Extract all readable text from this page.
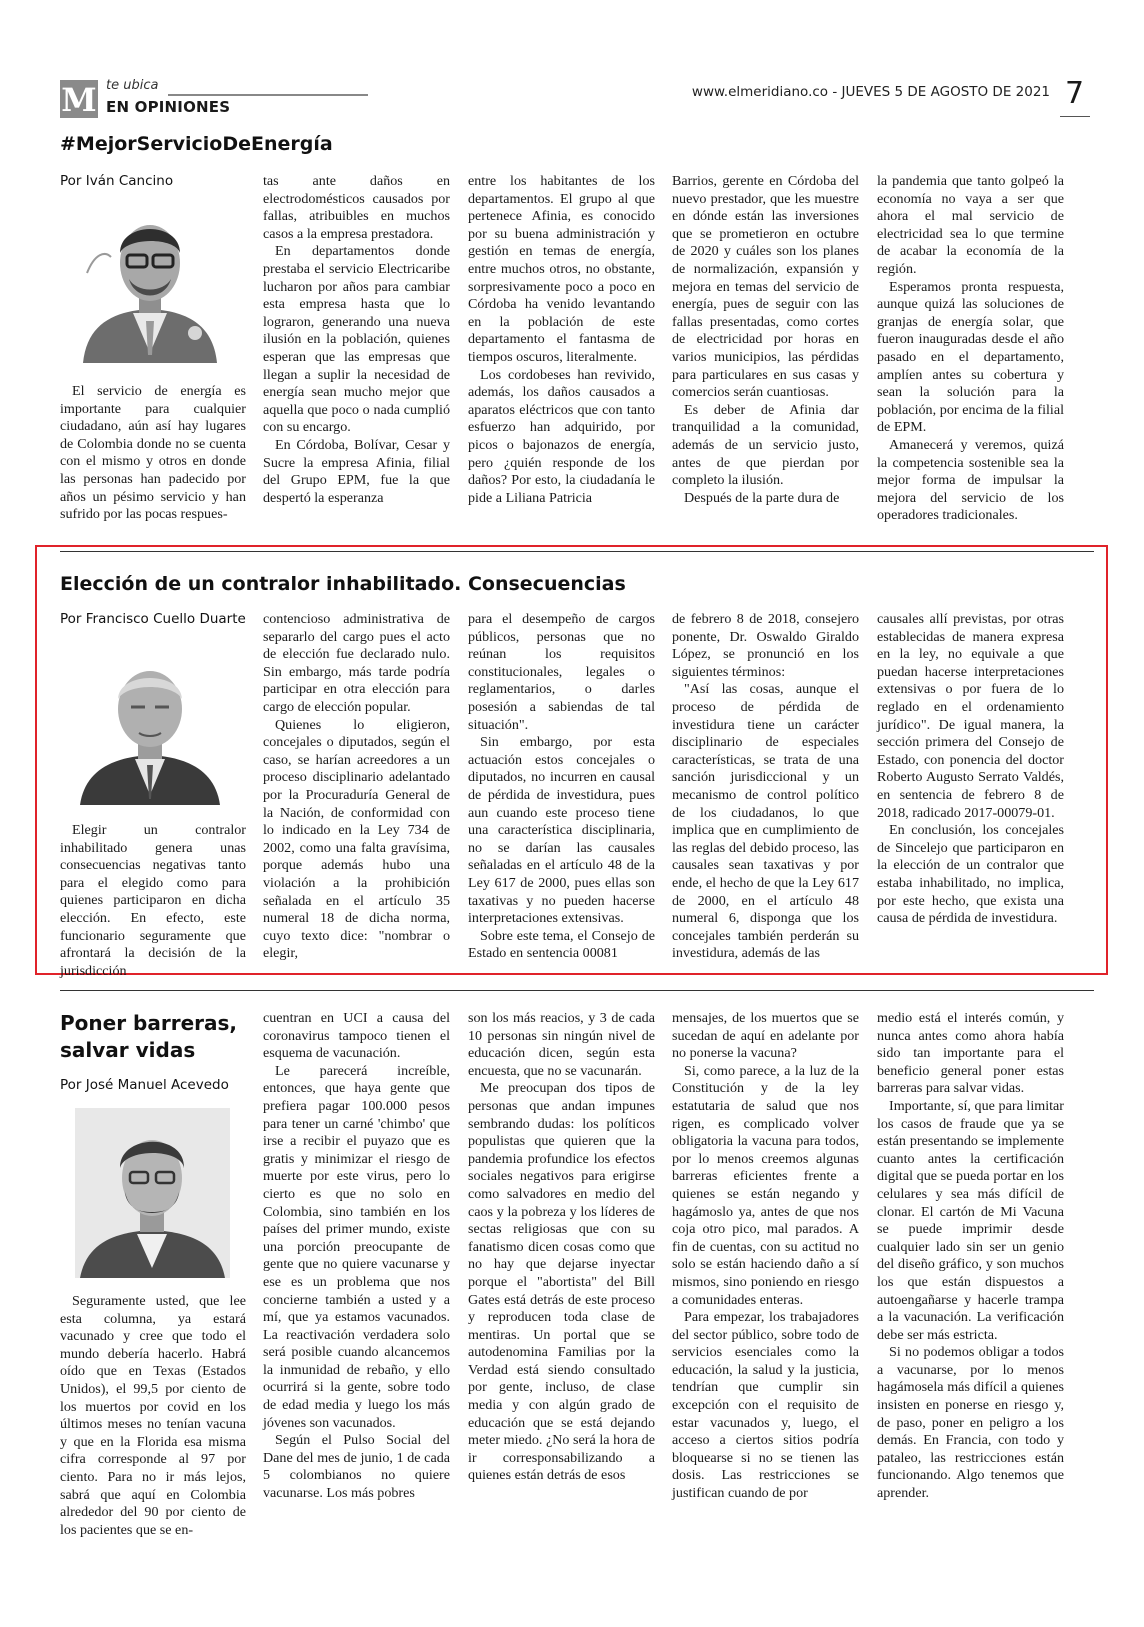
M te ubica
EN OPINIONES
www.elmeridiano.co - JUEVES 5 DE AGOSTO DE 2021 7
#MejorServicioDeEnergía
Por Iván Cancino

El servicio de energía es importante para cualquier ciudadano, aún así hay lugares de Colombia donde no se cuenta con el mismo y otros en donde las personas han padecido por años un pésimo servicio y han sufrido por las pocas respues-

tas ante daños en electrodomésticos causados por fallas, atribuibles en muchos casos a la empresa prestadora.

En departamentos donde prestaba el servicio Electricaribe lucharon por años para cambiar esta empresa hasta que lo lograron, generando una nueva ilusión en la población, quienes esperan que las empresas que llegan a suplir la necesidad de energía sean mucho mejor que aquella que poco o nada cumplió con su encargo.

En Córdoba, Bolívar, Cesar y Sucre la empresa Afinia, filial del Grupo EPM, fue la que despertó la esperanza

entre los habitantes de los departamentos. El grupo al que pertenece Afinia, es conocido por su buena administración y gestión en temas de energía, entre muchos otros, no obstante, sorpresivamente poco a poco en Córdoba ha venido levantando en la población de este departamento el fantasma de tiempos oscuros, literalmente.

Los cordobeses han revivido, además, los daños causados a aparatos eléctricos que con tanto esfuerzo han adquirido, por picos o bajonazos de energía, pero ¿quién responde de los daños? Por esto, la ciudadanía le pide a Liliana Patricia

Barrios, gerente en Córdoba del nuevo prestador, que les muestre en dónde están las inversiones que se prometieron en octubre de 2020 y cuáles son los planes de normalización, expansión y mejora en temas del servicio de energía, pues de seguir con las fallas presentadas, como cortes de electricidad por horas en varios municipios, las pérdidas para particulares en sus casas y comercios serán cuantiosas.

Es deber de Afinia dar tranquilidad a la comunidad, además de un servicio justo, antes de que pierdan por completo la ilusión.

Después de la parte dura de

la pandemia que tanto golpeó la economía no vaya a ser que ahora el mal servicio de electricidad sea lo que termine de acabar la economía de la región.

Esperamos pronta respuesta, aunque quizá las soluciones de granjas de energía solar, que fueron inauguradas desde el año pasado en el departamento, amplíen antes su cobertura y sean la solución para la población, por encima de la filial de EPM.

Amanecerá y veremos, quizá la competencia sostenible sea la mejor forma de impulsar la mejora del servicio de los operadores tradicionales.

Elección de un contralor inhabilitado. Consecuencias
Por Francisco Cuello Duarte

Elegir un contralor inhabilitado genera unas consecuencias negativas tanto para el elegido como para quienes participaron en dicha elección. En efecto, este funcionario seguramente que afrontará la decisión de la jurisdicción

contencioso administrativa de separarlo del cargo pues el acto de elección fue declarado nulo. Sin embargo, más tarde podría participar en otra elección para cargo de elección popular.

Quienes lo eligieron, concejales o diputados, según el caso, se harían acreedores a un proceso disciplinario adelantado por la Procuraduría General de la Nación, de conformidad con lo indicado en la Ley 734 de 2002, como una falta gravísima, porque además hubo una violación a la prohibición señalada en el artículo 35 numeral 18 de dicha norma, cuyo texto dice: "nombrar o elegir,

para el desempeño de cargos públicos, personas que no reúnan los requisitos constitucionales, legales o reglamentarios, o darles posesión a sabiendas de tal situación".

Sin embargo, por esta actuación estos concejales o diputados, no incurren en causal de pérdida de investidura, pues aun cuando este proceso tiene una característica disciplinaria, no se darían las causales señaladas en el artículo 48 de la Ley 617 de 2000, pues ellas son taxativas y no pueden hacerse interpretaciones extensivas.

Sobre este tema, el Consejo de Estado en sentencia 00081

de febrero 8 de 2018, consejero ponente, Dr. Oswaldo Giraldo López, se pronunció en los siguientes términos:

"Así las cosas, aunque el proceso de pérdida de investidura tiene un carácter disciplinario de especiales características, se trata de una sanción jurisdiccional y un mecanismo de control político de los ciudadanos, lo que implica que en cumplimiento de las reglas del debido proceso, las causales sean taxativas y por ende, el hecho de que la Ley 617 de 2000, en el artículo 48 numeral 6, disponga que los concejales también perderán su investidura, además de las

causales allí previstas, por otras establecidas de manera expresa en la ley, no equivale a que puedan hacerse interpretaciones extensivas o por fuera de lo reglado en el ordenamiento jurídico". De igual manera, la sección primera del Consejo de Estado, con ponencia del doctor Roberto Augusto Serrato Valdés, en sentencia de febrero 8 de 2018, radicado 2017-00079-01.

En conclusión, los concejales de Sincelejo que participaron en la elección de un contralor que estaba inhabilitado, no implica, por este hecho, que exista una causa de pérdida de investidura.

Poner barreras,
salvar vidas
Por José Manuel Acevedo

Seguramente usted, que lee esta columna, ya estará vacunado y cree que todo el mundo debería hacerlo. Habrá oído que en Texas (Estados Unidos), el 99,5 por ciento de los muertos por covid en los últimos meses no tenían vacuna y que en la Florida esa misma cifra corresponde al 97 por ciento. Para no ir más lejos, sabrá que aquí en Colombia alrededor del 90 por ciento de los pacientes que se en-

cuentran en UCI a causa del coronavirus tampoco tienen el esquema de vacunación.

Le parecerá increíble, entonces, que haya gente que prefiera pagar 100.000 pesos para tener un carné 'chimbo' que irse a recibir el puyazo que es gratis y minimizar el riesgo de muerte por este virus, pero lo cierto es que no solo en Colombia, sino también en los países del primer mundo, existe una porción preocupante de gente que no quiere vacunarse y ese es un problema que nos concierne también a usted y a mí, que ya estamos vacunados. La reactivación verdadera solo será posible cuando alcancemos la inmunidad de rebaño, y ello ocurrirá si la gente, sobre todo de edad media y luego los más jóvenes son vacunados.

Según el Pulso Social del Dane del mes de junio, 1 de cada 5 colombianos no quiere vacunarse. Los más pobres

son los más reacios, y 3 de cada 10 personas sin ningún nivel de educación dicen, según esta encuesta, que no se vacunarán.

Me preocupan dos tipos de personas que andan impunes sembrando dudas: los políticos populistas que quieren que la pandemia profundice los efectos sociales negativos para erigirse como salvadores en medio del caos y la pobreza y los líderes de sectas religiosas que con su fanatismo dicen cosas como que no hay que dejarse inyectar porque el "abortista" del Bill Gates está detrás de este proceso y reproducen toda clase de mentiras. Un portal que se autodenomina Familias por la Verdad está siendo consultado por gente, incluso, de clase media y con algún grado de educación que se está dejando meter miedo. ¿No será la hora de ir corresponsabilizando a quienes están detrás de esos

mensajes, de los muertos que se sucedan de aquí en adelante por no ponerse la vacuna?

Si, como parece, a la luz de la Constitución y de la ley estatutaria de salud que nos rigen, es complicado volver obligatoria la vacuna para todos, por lo menos creemos algunas barreras eficientes frente a quienes se están negando y hagámoslo ya, antes de que nos coja otro pico, mal parados. A fin de cuentas, con su actitud no solo se están haciendo daño a sí mismos, sino poniendo en riesgo a comunidades enteras.

Para empezar, los trabajadores del sector público, sobre todo de servicios esenciales como la educación, la salud y la justicia, tendrían que cumplir sin excepción con el requisito de estar vacunados y, luego, el acceso a ciertos sitios podría bloquearse si no se tienen las dosis. Las restricciones se justifican cuando de por

medio está el interés común, y nunca antes como ahora había sido tan importante para el beneficio general poner estas barreras para salvar vidas.

Importante, sí, que para limitar los casos de fraude que ya se están presentando se implemente cuanto antes la certificación digital que se pueda portar en los celulares y sea más difícil de clonar. El cartón de Mi Vacuna se puede imprimir desde cualquier lado sin ser un genio del diseño gráfico, y son muchos los que están dispuestos a autoengañarse y hacerle trampa a la vacunación. La verificación debe ser más estricta.

Si no podemos obligar a todos a vacunarse, por lo menos hagámosela más difícil a quienes insisten en ponerse en riesgo y, de paso, poner en peligro a los demás. En Francia, con todo y pataleo, las restricciones están funcionando. Algo tenemos que aprender.
